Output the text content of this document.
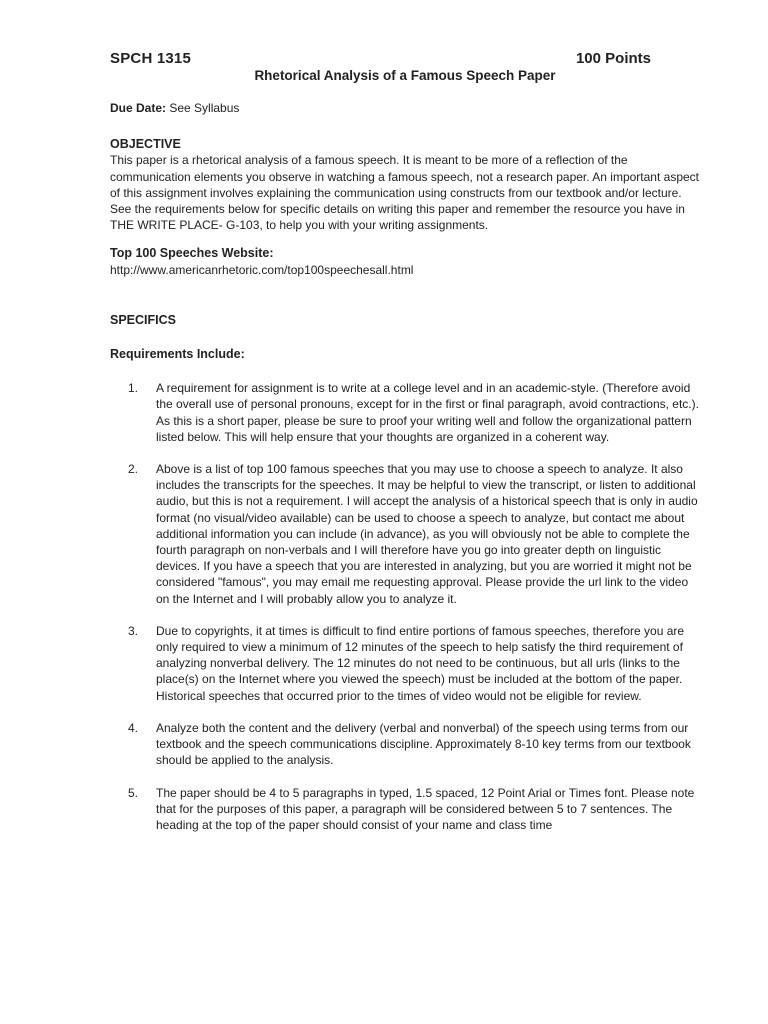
SPCH 1315	100 Points
Rhetorical Analysis of a Famous Speech Paper

Due Date: See Syllabus

OBJECTIVE

This paper is a rhetorical analysis of a famous speech. It is meant to be more of a reflection of the communication elements you observe in watching a famous speech, not a research paper. An important aspect of this assignment involves explaining the communication using constructs from our textbook and/or lecture. See the requirements below for specific details on writing this paper and remember the resource you have in THE WRITE PLACE- G-103, to help you with your writing assignments.

Top 100 Speeches Website:

http://www.americanrhetoric.com/top100speechesall.html

SPECIFICS

Requirements Include:

1.	A requirement for assignment is to write at a college level and in an academic-style. (Therefore avoid the overall use of personal pronouns, except for in the first or final paragraph, avoid contractions, etc.). As this is a short paper, please be sure to proof your writing well and follow the organizational pattern listed below. This will help ensure that your thoughts are organized in a coherent way.
2.	Above is a list of top 100 famous speeches that you may use to choose a speech to analyze. It also includes the transcripts for the speeches. It may be helpful to view the transcript, or listen to additional audio, but this is not a requirement. I will accept the analysis of a historical speech that is only in audio format (no visual/video available) can be used to choose a speech to analyze, but contact me about additional information you can include (in advance), as you will obviously not be able to complete the fourth paragraph on non-verbals and I will therefore have you go into greater depth on linguistic devices. If you have a speech that you are interested in analyzing, but you are worried it might not be considered "famous", you may email me requesting approval. Please provide the url link to the video on the Internet and I will probably allow you to analyze it.
3.	Due to copyrights, it at times is difficult to find entire portions of famous speeches, therefore you are only required to view a minimum of 12 minutes of the speech to help satisfy the third requirement of analyzing nonverbal delivery. The 12 minutes do not need to be continuous, but all urls (links to the place(s) on the Internet where you viewed the speech) must be included at the bottom of the paper. Historical speeches that occurred prior to the times of video would not be eligible for review.
4.	Analyze both the content and the delivery (verbal and nonverbal) of the speech using terms from our textbook and the speech communications discipline. Approximately 8-10 key terms from our textbook should be applied to the analysis.
5.	The paper should be 4 to 5 paragraphs in typed, 1.5 spaced, 12 Point Arial or Times font. Please note that for the purposes of this paper, a paragraph will be considered between 5 to 7 sentences. The heading at the top of the paper should consist of your name and class time
